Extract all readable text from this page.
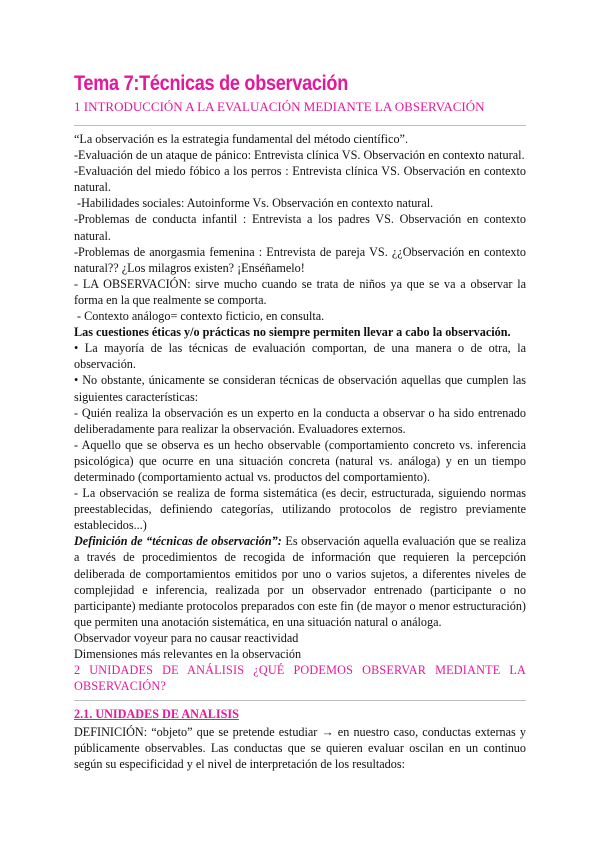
Tema 7:Técnicas de observación
1 INTRODUCCIÓN A LA EVALUACIÓN MEDIANTE LA OBSERVACIÓN

“La observación es la estrategia fundamental del método científico”.

-Evaluación de un ataque de pánico: Entrevista clínica VS. Observación en contexto natural.

-Evaluación del miedo fóbico a los perros : Entrevista clínica VS. Observación en contexto natural.

-Habilidades sociales: Autoinforme Vs. Observación en contexto natural.

-Problemas de conducta infantil : Entrevista a los padres VS. Observación en contexto natural.

-Problemas de anorgasmia femenina : Entrevista de pareja VS. ¿¿Observación en contexto natural?? ¿Los milagros existen? ¡Enséñamelo!

- LA OBSERVACIÓN: sirve mucho cuando se trata de niños ya que se va a observar la forma en la que realmente se comporta.

- Contexto análogo= contexto ficticio, en consulta.

Las cuestiones éticas y/o prácticas no siempre permiten llevar a cabo la observación.

• La mayoría de las técnicas de evaluación comportan, de una manera o de otra, la observación.

• No obstante, únicamente se consideran técnicas de observación aquellas que cumplen las siguientes características:

- Quién realiza la observación es un experto en la conducta a observar o ha sido entrenado deliberadamente para realizar la observación. Evaluadores externos.

- Aquello que se observa es un hecho observable (comportamiento concreto vs. inferencia psicológica) que ocurre en una situación concreta (natural vs. análoga) y en un tiempo determinado (comportamiento actual vs. productos del comportamiento).

- La observación se realiza de forma sistemática (es decir, estructurada, siguiendo normas preestablecidas, definiendo categorías, utilizando protocolos de registro previamente establecidos...)

Definición de “técnicas de observación”: Es observación aquella evaluación que se realiza a través de procedimientos de recogida de información que requieren la percepción deliberada de comportamientos emitidos por uno o varios sujetos, a diferentes niveles de complejidad e inferencia, realizada por un observador entrenado (participante o no participante) mediante protocolos preparados con este fin (de mayor o menor estructuración) que permiten una anotación sistemática, en una situación natural o análoga.

Observador voyeur para no causar reactividad

Dimensiones más relevantes en la observación

2 UNIDADES DE ANÁLISIS ¿QUÉ PODEMOS OBSERVAR MEDIANTE LA OBSERVACIÓN?

2.1. UNIDADES DE ANALISIS
DEFINICIÓN: “objeto” que se pretende estudiar → en nuestro caso, conductas externas y públicamente observables. Las conductas que se quieren evaluar oscilan en un continuo según su especificidad y el nivel de interpretación de los resultados:
